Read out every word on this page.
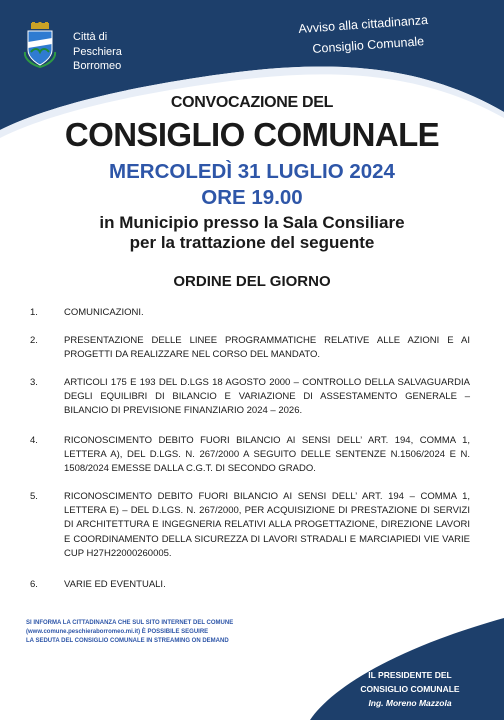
Città di
Peschiera
Borromeo
Avviso alla cittadinanza
Consiglio Comunale
CONVOCAZIONE DEL
CONSIGLIO COMUNALE
MERCOLEDÌ 31 LUGLIO 2024
ORE 19.00
in Municipio presso la Sala Consiliare
per la trattazione del seguente
ORDINE DEL GIORNO
1.	COMUNICAZIONI.
2.	PRESENTAZIONE DELLE LINEE PROGRAMMATICHE RELATIVE ALLE AZIONI E AI PROGETTI DA REALIZZARE NEL CORSO DEL MANDATO.
3.	ARTICOLI 175 E 193 DEL D.LGS 18 AGOSTO 2000 – CONTROLLO DELLA SALVAGUARDIA DEGLI EQUILIBRI DI BILANCIO E VARIAZIONE DI ASSESTAMENTO GENERALE – BILANCIO DI PREVISIONE FINANZIARIO 2024 – 2026.
4.	RICONOSCIMENTO DEBITO FUORI BILANCIO AI SENSI DELL’ ART. 194, COMMA 1, LETTERA A), DEL D.LGS. N. 267/2000 A SEGUITO DELLE SENTENZE N.1506/2024 E N. 1508/2024 EMESSE DALLA C.G.T. DI SECONDO GRADO.
5.	RICONOSCIMENTO DEBITO FUORI BILANCIO AI SENSI DELL’ ART. 194 – COMMA 1, LETTERA E) – DEL D.LGS. N. 267/2000, PER ACQUISIZIONE DI PRESTAZIONE DI SERVIZI DI ARCHITETTURA E INGEGNERIA RELATIVI ALLA PROGETTAZIONE, DIREZIONE LAVORI E COORDINAMENTO DELLA SICUREZZA DI LAVORI STRADALI E MARCIAPIEDI VIE VARIE CUP H27H22000260005.
6.	VARIE ED EVENTUALI.
SI INFORMA LA CITTADINANZA CHE SUL SITO INTERNET DEL COMUNE
(www.comune.peschieraborromeo.mi.it) È POSSIBILE SEGUIRE
LA SEDUTA DEL CONSIGLIO COMUNALE IN STREAMING ON DEMAND
IL PRESIDENTE DEL
CONSIGLIO COMUNALE
Ing. Moreno Mazzola
